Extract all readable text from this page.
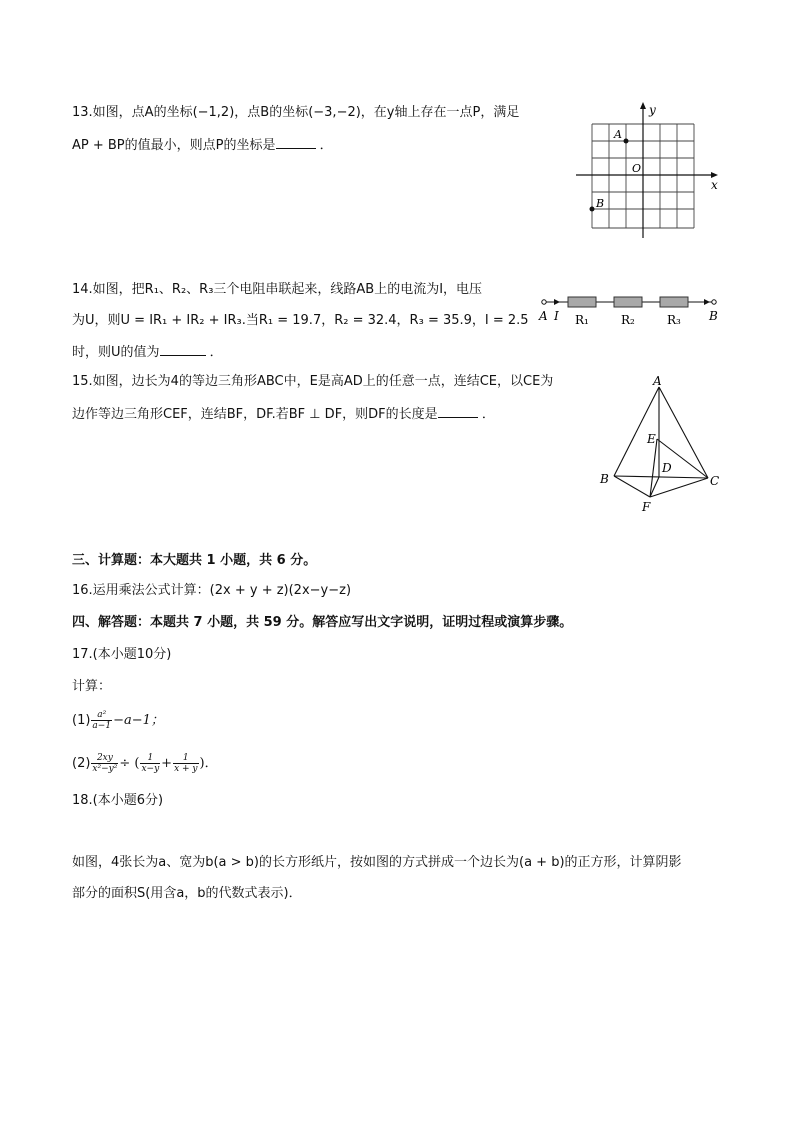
13.如图，点A的坐标(−1,2)，点B的坐标(−3,−2)，在y轴上存在一点P，满足
AP + BP的值最小，则点P的坐标是	．
y
x
O
A
B
14.如图，把R₁、R₂、R₃三个电阻串联起来，线路AB上的电流为I，电压
为U，则U = IR₁ + IR₂ + IR₃.当R₁ = 19.7，R₂ = 32.4，R₃ = 35.9，I = 2.5
时，则U的值为	．
A I R₁	R₂	R₃ B
15.如图，边长为4的等边三角形ABC中，E是高AD上的任意一点，连结CE，以CE为
边作等边三角形CEF，连结BF，DF.若BF ⊥ DF，则DF的长度是	．
A
B	C
D
E
F
三、计算题：本大题共 1 小题，共 6 分。
16.运用乘法公式计算：(2x + y + z)(2x−y−z)
四、解答题：本题共 7 小题，共 59 分。解答应写出文字说明，证明过程或演算步骤。
17.(本小题10分)
计算：
$(1) \frac{\text{a²}}{a-1} -a-1$；
$(2) \frac{2xy}{\text{x²−y²}}$ ÷ ( $\frac{1}{x-y} + \frac{1}{x + y}$ )．
18.(本小题6分)
如图，4张长为a、宽为b(a > b)的长方形纸片，按如图的方式拼成一个边长为(a + b)的正方形，计算阴影
部分的面积S(用含a，b的代数式表示)．
